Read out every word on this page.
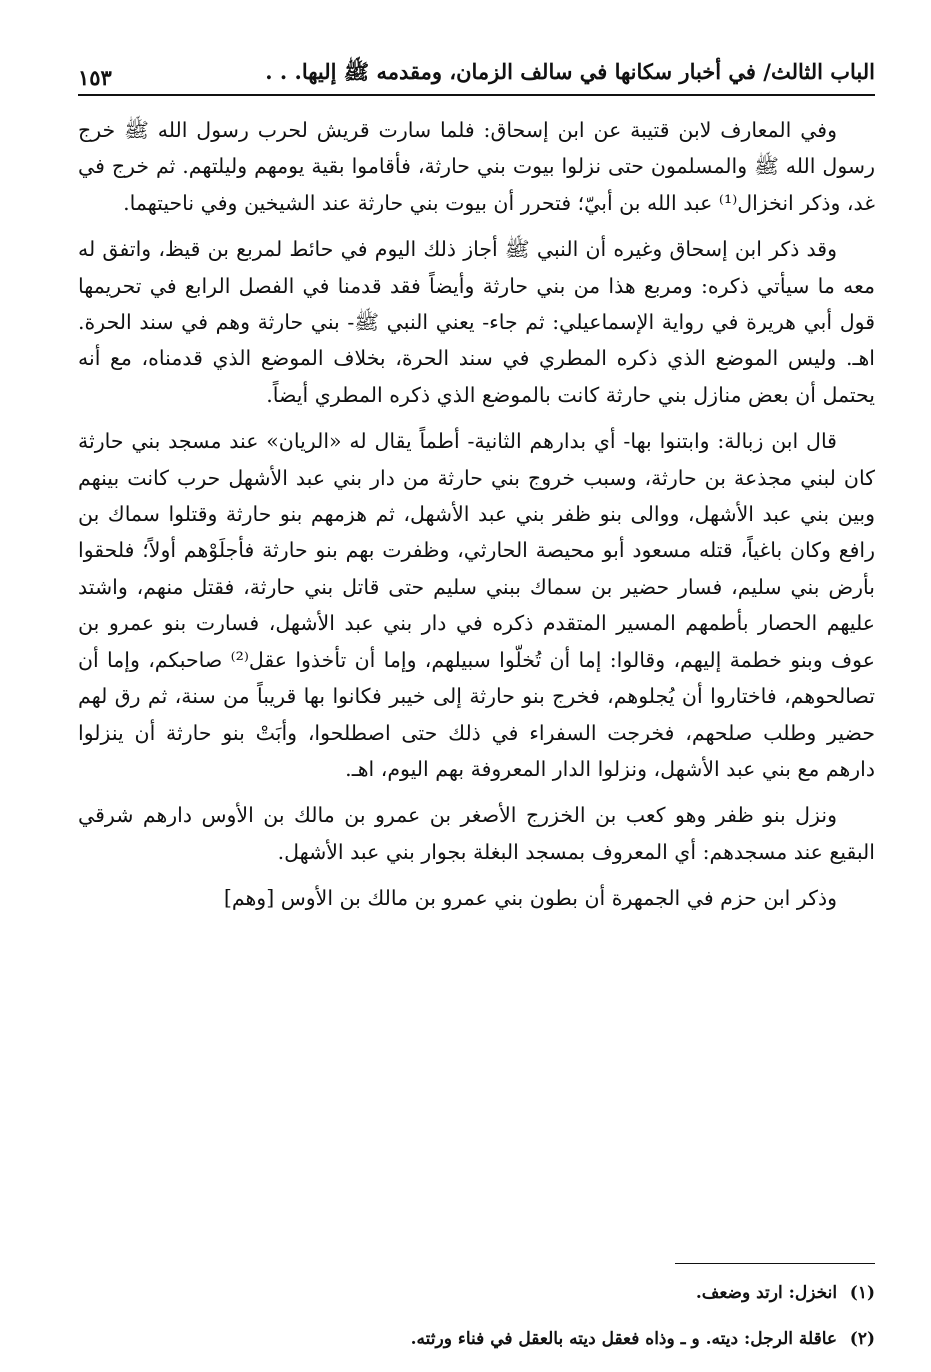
الباب الثالث/ في أخبار سكانها في سالف الزمان، ومقدمه ﷺ إليها. . .
١٥٣

وفي المعارف لابن قتيبة عن ابن إسحاق: فلما سارت قريش لحرب رسول الله ﷺ خرج رسول الله ﷺ والمسلمون حتى نزلوا بيوت بني حارثة، فأقاموا بقية يومهم وليلتهم. ثم خرج في غد، وذكر انخزال⁽¹⁾ عبد الله بن أبيّ؛ فتحرر أن بيوت بني حارثة عند الشيخين وفي ناحيتهما.

وقد ذكر ابن إسحاق وغيره أن النبي ﷺ أجاز ذلك اليوم في حائط لمربع بن قيظ، واتفق له معه ما سيأتي ذكره: ومربع هذا من بني حارثة وأيضاً فقد قدمنا في الفصل الرابع في تحريمها قول أبي هريرة في رواية الإسماعيلي: ثم جاء- يعني النبي ﷺ- بني حارثة وهم في سند الحرة. اهـ. وليس الموضع الذي ذكره المطري في سند الحرة، بخلاف الموضع الذي قدمناه، مع أنه يحتمل أن بعض منازل بني حارثة كانت بالموضع الذي ذكره المطري أيضاً.

قال ابن زبالة: وابتنوا بها- أي بدارهم الثانية- أطماً يقال له «الريان» عند مسجد بني حارثة كان لبني مجذعة بن حارثة، وسبب خروج بني حارثة من دار بني عبد الأشهل حرب كانت بينهم وبين بني عبد الأشهل، ووالى بنو ظفر بني عبد الأشهل، ثم هزمهم بنو حارثة وقتلوا سماك بن رافع وكان باغياً، قتله مسعود أبو محيصة الحارثي، وظفرت بهم بنو حارثة فأجلَوْهم أولاً؛ فلحقوا بأرض بني سليم، فسار حضير بن سماك ببني سليم حتى قاتل بني حارثة، فقتل منهم، واشتد عليهم الحصار بأطمهم المسير المتقدم ذكره في دار بني عبد الأشهل، فسارت بنو عمرو بن عوف وبنو خطمة إليهم، وقالوا: إما أن تُخلّوا سبيلهم، وإما أن تأخذوا عقل⁽²⁾ صاحبكم، وإما أن تصالحوهم، فاختاروا أن يُجلوهم، فخرج بنو حارثة إلى خيبر فكانوا بها قريباً من سنة، ثم رق لهم حضير وطلب صلحهم، فخرجت السفراء في ذلك حتى اصطلحوا، وأبَتْ بنو حارثة أن ينزلوا دارهم مع بني عبد الأشهل، ونزلوا الدار المعروفة بهم اليوم، اهـ.

ونزل بنو ظفر وهو كعب بن الخزرج الأصغر بن عمرو بن مالك بن الأوس دارهم شرقي البقيع عند مسجدهم: أي المعروف بمسجد البغلة بجوار بني عبد الأشهل.

وذكر ابن حزم في الجمهرة أن بطون بني عمرو بن مالك بن الأوس [وهم]

(١) انخزل: ارتد وضعف.

(٢) عاقلة الرجل: ديته. و ـ وذاه فعقل ديته بالعقل في فناء ورثته.
